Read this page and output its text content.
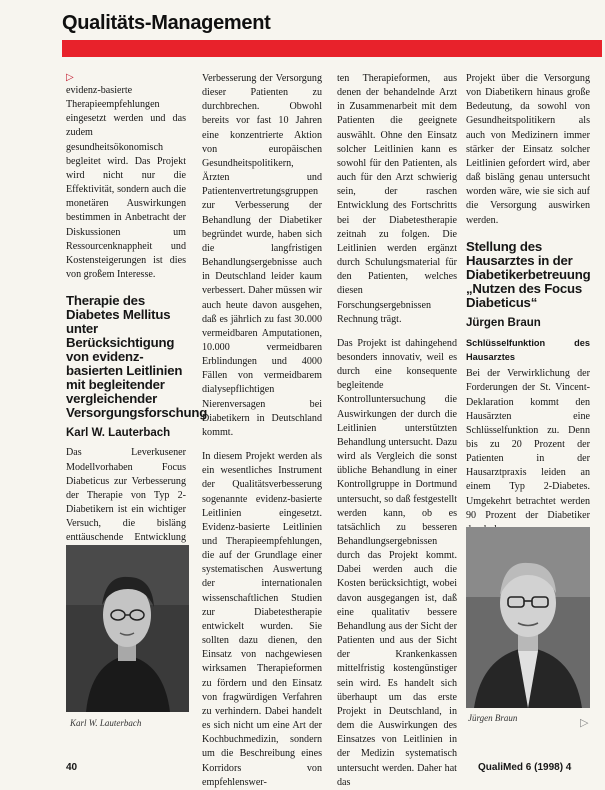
Qualitäts-Management
▷

evidenz-basierte Therapieempfehlungen eingesetzt werden und das zudem gesundheitsökonomisch begleitet wird. Das Projekt wird nicht nur die Effektivität, sondern auch die monetären Auswirkungen bestimmen in Anbetracht der Diskussionen um Ressourcenknappheit und Kostensteigerungen ist dies von großem Interesse.

Therapie des Diabetes Mellitus unter Berücksichtigung von evidenz-basierten Leitlinien mit begleitender vergleichender Versorgungsforschung
Karl W. Lauterbach

Das Leverkusener Modellvorhaben Focus Diabeticus zur Verbesserung der Therapie von Typ 2-Diabetikern ist ein wichtiger Versuch, die bisläng enttäuschende Entwicklung

Verbesserung der Versorgung dieser Patienten zu durchbrechen. Obwohl bereits vor fast 10 Jahren eine konzentrierte Aktion von europäischen Gesundheitspolitikern, Ärzten und Patientenvertretungsgruppen zur Verbesserung der Behandlung der Diabetiker begründet wurde, haben sich die langfristigen Behandlungsergebnisse auch in Deutschland leider kaum verbessert. Daher müssen wir auch heute davon ausgehen, daß es jährlich zu fast 30.000 vermeidbaren Amputationen, 10.000 vermeidbaren Erblindungen und 4000 Fällen von vermeidbarem dialysepflichtigen Nierenversagen bei Diabetikern in Deutschland kommt.

In diesem Projekt werden als ein wesentliches Instrument der Qualitätsverbesserung sogenannte evidenz-basierte Leitlinien eingesetzt. Evidenz-basierte Leitlinien und Therapieempfehlungen, die auf der Grundlage einer systematischen Auswertung der internationalen wissenschaftlichen Studien zur Diabetestherapie entwickelt wurden. Sie sollten dazu dienen, den Einsatz von nachgewiesen wirksamen Therapieformen zu fördern und den Einsatz von fragwürdigen Verfahren zu verhindern. Dabei handelt es sich nicht um eine Art der Kochbuchmedizin, sondern um die Beschreibung eines Korridors von empfehlenswer-

ten Therapieformen, aus denen der behandelnde Arzt in Zusammenarbeit mit dem Patienten die geeignete auswählt. Ohne den Einsatz solcher Leitlinien kann es sowohl für den Patienten, als auch für den Arzt schwierig sein, der raschen Entwicklung des Fortschritts bei der Diabetestherapie zeitnah zu folgen. Die Leitlinien werden ergänzt durch Schulungsmaterial für den Patienten, welches diesen Forschungsergebnissen Rechnung trägt.

Das Projekt ist dahingehend besonders innovativ, weil es durch eine konsequente begleitende Kontrolluntersuchung die Auswirkungen der durch die Leitlinien unterstützten Behandlung untersucht. Dazu wird als Vergleich die sonst übliche Behandlung in einer Kontrollgruppe in Dortmund untersucht, so daß festgestellt werden kann, ob es tatsächlich zu besseren Behandlungsergebnissen durch das Projekt kommt. Dabei werden auch die Kosten berücksichtigt, wobei davon ausgegangen ist, daß eine qualitativ bessere Behandlung aus der Sicht der Patienten und aus der Sicht der Krankenkassen mittelfristig kostengünstiger sein wird. Es handelt sich überhaupt um das erste Projekt in Deutschland, in dem die Auswirkungen des Einsatzes von Leitlinien in der Medizin systematisch untersucht werden. Daher hat das

Projekt über die Versorgung von Diabetikern hinaus große Bedeutung, da sowohl von Gesundheitspolitikern als auch von Medizinern immer stärker der Einsatz solcher Leitlinien gefordert wird, aber daß bisläng genau untersucht worden wäre, wie sie sich auf die Versorgung auswirken werden.

Stellung des Hausarztes in der Diabetikerbetreuung „Nutzen des Focus Diabeticus“
Jürgen Braun
Schlüsselfunktion des Hausarztes

Bei der Verwirklichung der Forderungen der St. Vincent-Deklaration kommt den Hausärzten eine Schlüsselfunktion zu. Denn bis zu 20 Prozent der Patienten in der Hausarztpraxis leiden an einem Typ 2-Diabetes. Umgekehrt betrachtet werden 90 Prozent der Diabetiker

Karl W. Lauterbach	Jürgen Braun	▷
40	QualiMed 6 (1998) 4
